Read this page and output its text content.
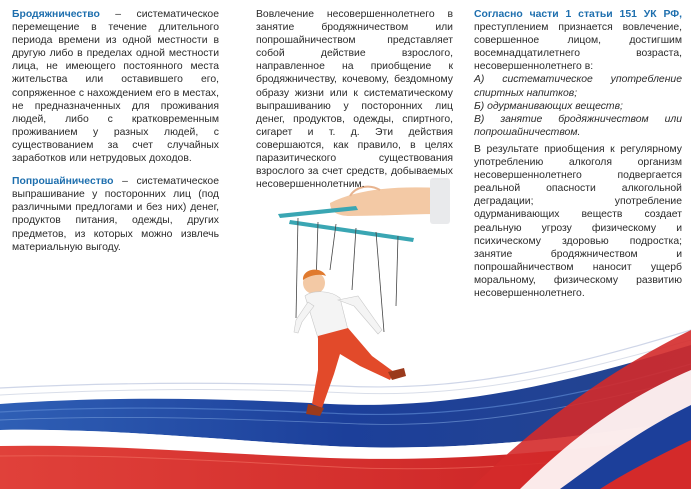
Бродяжничество – систематическое перемещение в течение длительного периода времени из одной местности в другую либо в пределах одной местности лица, не имеющего постоянного места жительства или оставившего его, сопряженное с нахождением его в местах, не предназначенных для проживания людей, либо с кратковременным проживанием у разных людей, с существованием за счет случайных заработков или нетрудовых доходов.

Попрошайничество – систематическое выпрашивание у посторонних лиц (под различными предлогами и без них) денег, продуктов питания, одежды, других предметов, из которых можно извлечь материальную выгоду.

Вовлечение несовершеннолетнего в занятие бродяжничеством или попрошайничеством представляет собой действие взрослого, направленное на приобщение к бродяжничеству, кочевому, бездомному образу жизни или к систематическому выпрашиванию у посторонних лиц денег, продуктов, одежды, спиртного, сигарет и т. д. Эти действия совершаются, как правило, в целях паразитического существования взрослого за счет средств, добываемых несовершеннолетним.

Согласно части 1 статьи 151 УК РФ, преступлением признается вовлечение, совершенное лицом, достигшим восемнадцатилетнего возраста, несовершеннолетнего в:

А) систематическое употребление спиртных напитков;
Б) одурманивающих веществ;
В) занятие бродяжничеством или попрошайничеством.

В результате приобщения к регулярному употреблению алкоголя организм несовершеннолетнего подвергается реальной опасности алкогольной деградации; употребление одурманивающих веществ создает реальную угрозу физическому и психическому здоровью подростка; занятие бродяжничеством и попрошайничеством наносит ущерб моральному, физическому развитию несовершеннолетнего.
